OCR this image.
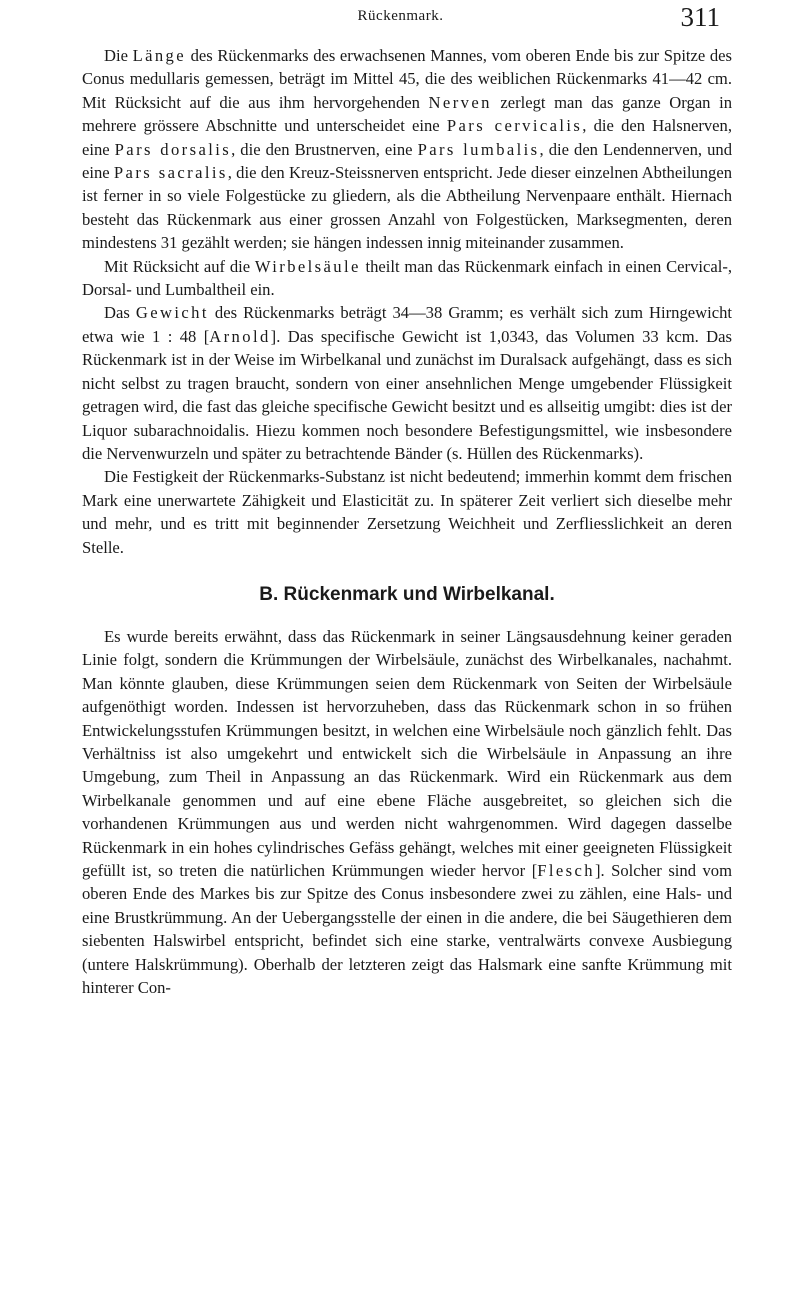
Rückenmark.	311

Die Länge des Rückenmarks des erwachsenen Mannes, vom oberen Ende bis zur Spitze des Conus medullaris gemessen, beträgt im Mittel 45, die des weiblichen Rückenmarks 41—42 cm. Mit Rücksicht auf die aus ihm hervorgehenden Nerven zerlegt man das ganze Organ in mehrere grössere Abschnitte und unterscheidet eine Pars cervicalis, die den Halsnerven, eine Pars dorsalis, die den Brustnerven, eine Pars lumbalis, die den Lendennerven, und eine Pars sacralis, die den Kreuz-Steissnerven entspricht. Jede dieser einzelnen Abtheilungen ist ferner in so viele Folgestücke zu gliedern, als die Abtheilung Nervenpaare enthält. Hiernach besteht das Rückenmark aus einer grossen Anzahl von Folgestücken, Marksegmenten, deren mindestens 31 gezählt werden; sie hängen indessen innig miteinander zusammen.

Mit Rücksicht auf die Wirbelsäule theilt man das Rückenmark einfach in einen Cervical-, Dorsal- und Lumbaltheil ein.

Das Gewicht des Rückenmarks beträgt 34—38 Gramm; es verhält sich zum Hirngewicht etwa wie 1 : 48 [Arnold]. Das specifische Gewicht ist 1,0343, das Volumen 33 kcm. Das Rückenmark ist in der Weise im Wirbelkanal und zunächst im Duralsack aufgehängt, dass es sich nicht selbst zu tragen braucht, sondern von einer ansehnlichen Menge umgebender Flüssigkeit getragen wird, die fast das gleiche specifische Gewicht besitzt und es allseitig umgibt: dies ist der Liquor subarachnoidalis. Hiezu kommen noch besondere Befestigungsmittel, wie insbesondere die Nervenwurzeln und später zu betrachtende Bänder (s. Hüllen des Rückenmarks).

Die Festigkeit der Rückenmarks-Substanz ist nicht bedeutend; immerhin kommt dem frischen Mark eine unerwartete Zähigkeit und Elasticität zu. In späterer Zeit verliert sich dieselbe mehr und mehr, und es tritt mit beginnender Zersetzung Weichheit und Zerfliesslichkeit an deren Stelle.

B. Rückenmark und Wirbelkanal.

Es wurde bereits erwähnt, dass das Rückenmark in seiner Längsausdehnung keiner geraden Linie folgt, sondern die Krümmungen der Wirbelsäule, zunächst des Wirbelkanales, nachahmt. Man könnte glauben, diese Krümmungen seien dem Rückenmark von Seiten der Wirbelsäule aufgenöthigt worden. Indessen ist hervorzuheben, dass das Rückenmark schon in so frühen Entwickelungsstufen Krümmungen besitzt, in welchen eine Wirbelsäule noch gänzlich fehlt. Das Verhältniss ist also umgekehrt und entwickelt sich die Wirbelsäule in Anpassung an ihre Umgebung, zum Theil in Anpassung an das Rückenmark. Wird ein Rückenmark aus dem Wirbelkanale genommen und auf eine ebene Fläche ausgebreitet, so gleichen sich die vorhandenen Krümmungen aus und werden nicht wahrgenommen. Wird dagegen dasselbe Rückenmark in ein hohes cylindrisches Gefäss gehängt, welches mit einer geeigneten Flüssigkeit gefüllt ist, so treten die natürlichen Krümmungen wieder hervor [Flesch]. Solcher sind vom oberen Ende des Markes bis zur Spitze des Conus insbesondere zwei zu zählen, eine Hals- und eine Brustkrümmung. An der Uebergangsstelle der einen in die andere, die bei Säugethieren dem siebenten Halswirbel entspricht, befindet sich eine starke, ventralwärts convexe Ausbiegung (untere Halskrümmung). Oberhalb der letzteren zeigt das Halsmark eine sanfte Krümmung mit hinterer Con-
